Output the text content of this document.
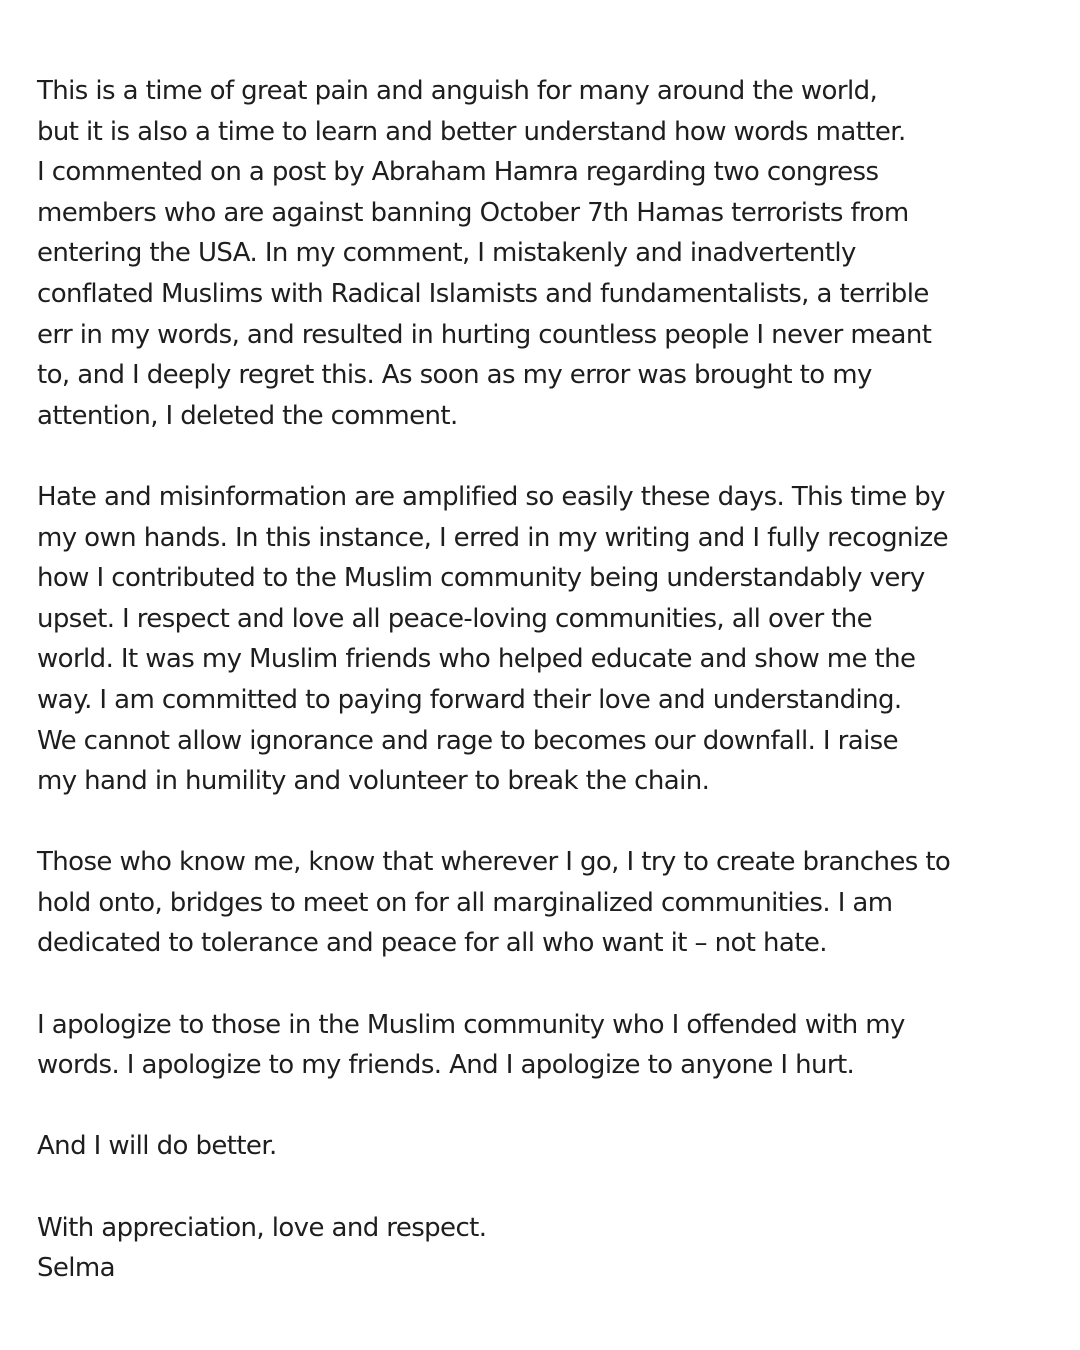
This is a time of great pain and anguish for many around the world,
but it is also a time to learn and better understand how words matter.
I commented on a post by Abraham Hamra regarding two congress
members who are against banning October 7th Hamas terrorists from
entering the USA. In my comment, I mistakenly and inadvertently
conflated Muslims with Radical Islamists and fundamentalists, a terrible
err in my words, and resulted in hurting countless people I never meant
to, and I deeply regret this. As soon as my error was brought to my
attention, I deleted the comment.

Hate and misinformation are amplified so easily these days. This time by
my own hands. In this instance, I erred in my writing and I fully recognize
how I contributed to the Muslim community being understandably very
upset. I respect and love all peace-loving communities, all over the
world. It was my Muslim friends who helped educate and show me the
way. I am committed to paying forward their love and understanding.
We cannot allow ignorance and rage to becomes our downfall. I raise
my hand in humility and volunteer to break the chain.

Those who know me, know that wherever I go, I try to create branches to
hold onto, bridges to meet on for all marginalized communities. I am
dedicated to tolerance and peace for all who want it – not hate.

I apologize to those in the Muslim community who I offended with my
words. I apologize to my friends. And I apologize to anyone I hurt.

And I will do better.

With appreciation, love and respect.
Selma
